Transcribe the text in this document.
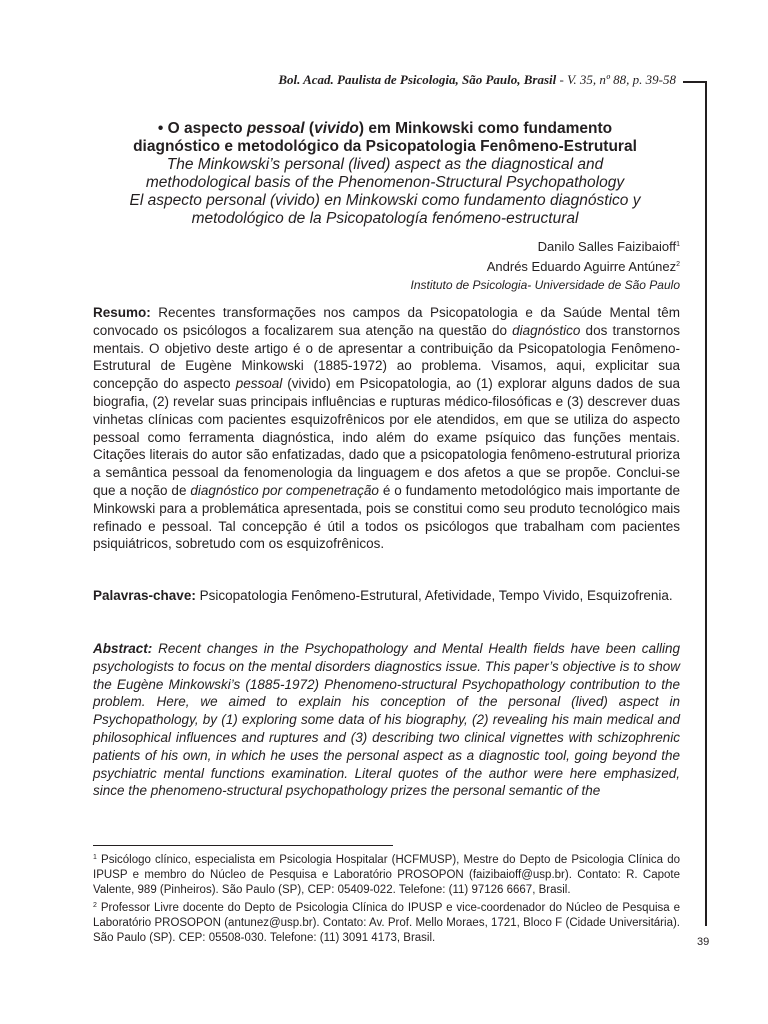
Bol. Acad. Paulista de Psicologia, São Paulo, Brasil - V. 35, nº 88, p. 39-58
• O aspecto pessoal (vivido) em Minkowski como fundamento
diagnóstico e metodológico da Psicopatologia Fenômeno-Estrutural
The Minkowski’s personal (lived) aspect as the diagnostical and
methodological basis of the Phenomenon-Structural Psychopathology
El aspecto personal (vivido) en Minkowski como fundamento diagnóstico y
metodológico de la Psicopatología fenómeno-estructural
Danilo Salles Faizibaioff$^1$
Andrés Eduardo Aguirre Antúnez$^2$
Instituto de Psicologia- Universidade de São Paulo
Resumo: Recentes transformações nos campos da Psicopatologia e da Saúde Mental têm convocado os psicólogos a focalizarem sua atenção na questão do diagnóstico dos transtornos mentais. O objetivo deste artigo é o de apresentar a contribuição da Psicopatologia Fenômeno-Estrutural de Eugène Minkowski (1885-1972) ao problema. Visamos, aqui, explicitar sua concepção do aspecto pessoal (vivido) em Psicopatologia, ao (1) explorar alguns dados de sua biografia, (2) revelar suas principais influências e rupturas médico-filosóficas e (3) descrever duas vinhetas clínicas com pacientes esquizofrênicos por ele atendidos, em que se utiliza do aspecto pessoal como ferramenta diagnóstica, indo além do exame psíquico das funções mentais. Citações literais do autor são enfatizadas, dado que a psicopatologia fenômeno-estrutural prioriza a semântica pessoal da fenomenologia da linguagem e dos afetos a que se propõe. Conclui-se que a noção de diagnóstico por compenetração é o fundamento metodológico mais importante de Minkowski para a problemática apresentada, pois se constitui como seu produto tecnológico mais refinado e pessoal. Tal concepção é útil a todos os psicólogos que trabalham com pacientes psiquiátricos, sobretudo com os esquizofrênicos.
Palavras-chave: Psicopatologia Fenômeno-Estrutural, Afetividade, Tempo Vivido, Esquizofrenia.
Abstract: Recent changes in the Psychopathology and Mental Health fields have been calling psychologists to focus on the mental disorders diagnostics issue. This paper’s objective is to show the Eugène Minkowski’s (1885-1972) Phenomeno-structural Psychopathology contribution to the problem. Here, we aimed to explain his conception of the personal (lived) aspect in Psychopathology, by (1) exploring some data of his biography, (2) revealing his main medical and philosophical influences and ruptures and (3) describing two clinical vignettes with schizophrenic patients of his own, in which he uses the personal aspect as a diagnostic tool, going beyond the psychiatric mental functions examination. Literal quotes of the author were here emphasized, since the phenomeno-structural psychopathology prizes the personal semantic of the
$^1$ Psicólogo clínico, especialista em Psicologia Hospitalar (HCFMUSP), Mestre do Depto de Psicologia Clínica do IPUSP e membro do Núcleo de Pesquisa e Laboratório PROSOPON (faizibaioff@usp.br). Contato: R. Capote Valente, 989 (Pinheiros). São Paulo (SP), CEP: 05409-022. Telefone: (11) 97126 6667, Brasil.
$^2$ Professor Livre docente do Depto de Psicologia Clínica do IPUSP e vice-coordenador do Núcleo de Pesquisa e Laboratório PROSOPON (antunez@usp.br). Contato: Av. Prof. Mello Moraes, 1721, Bloco F (Cidade Universitária). São Paulo (SP). CEP: 05508-030. Telefone: (11) 3091 4173, Brasil.	39
